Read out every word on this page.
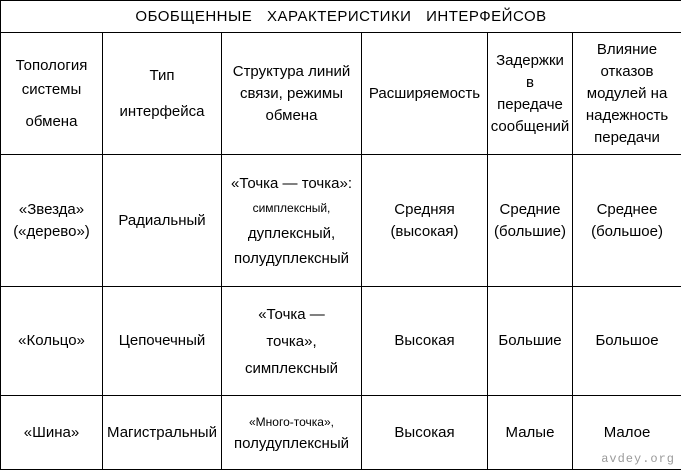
ОБОБЩЕННЫЕ ХАРАКТЕРИСТИКИ ИНТЕРФЕЙСОВ					

Топология
системы
обмена	Тип
интерфейса	Структура линий
связи, режимы
обмена	Расширяемость	Задержки
в
передаче
сообщений	Влияние
отказов
модулей на
надежность
передачи

«Звезда»
(«дерево»)	Радиальный	«Точка — точка»:
симплексный,
дуплексный,
полудуплексный	Средняя
(высокая)	Средние
(большие)	Среднее
(большое)

«Кольцо»	Цепочечный	«Точка —
точка»,
симплексный	Высокая	Большие	Большое
«Шина»	Магистральный	«Много-точка»,
полудуплексный	Высокая	Малые	Малое
avdey.org
